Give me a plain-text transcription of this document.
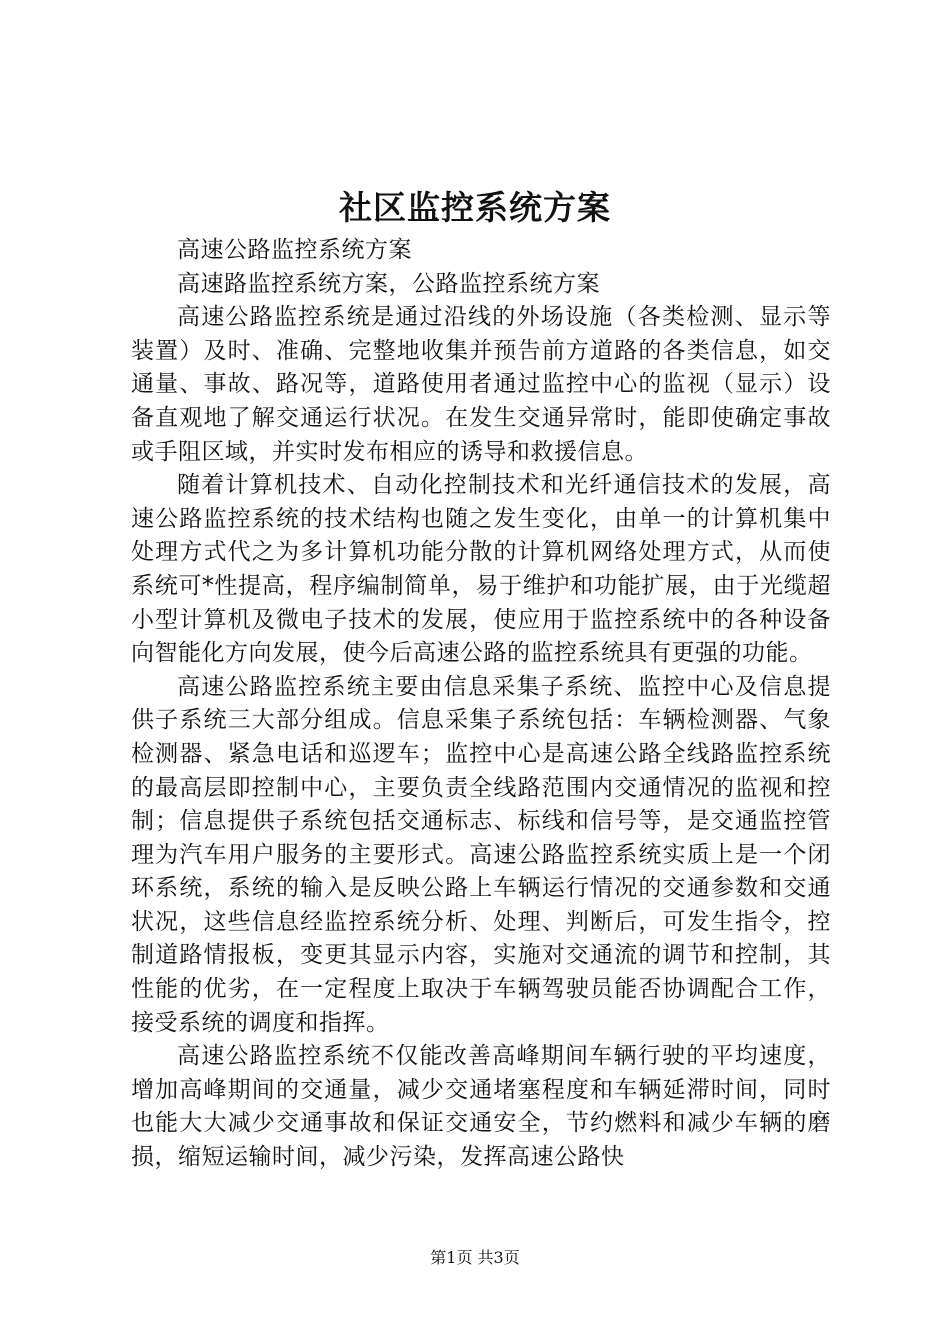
社区监控系统方案

高速公路监控系统方案

高速路监控系统方案，公路监控系统方案

高速公路监控系统是通过沿线的外场设施（各类检测、显示等装置）及时、准确、完整地收集并预告前方道路的各类信息，如交通量、事故、路况等，道路使用者通过监控中心的监视（显示）设备直观地了解交通运行状况。在发生交通异常时，能即使确定事故或手阻区域，并实时发布相应的诱导和救援信息。

随着计算机技术、自动化控制技术和光纤通信技术的发展，高速公路监控系统的技术结构也随之发生变化，由单一的计算机集中处理方式代之为多计算机功能分散的计算机网络处理方式，从而使系统可*性提高，程序编制简单，易于维护和功能扩展，由于光缆超小型计算机及微电子技术的发展，使应用于监控系统中的各种设备向智能化方向发展，使今后高速公路的监控系统具有更强的功能。

高速公路监控系统主要由信息采集子系统、监控中心及信息提供子系统三大部分组成。信息采集子系统包括：车辆检测器、气象检测器、紧急电话和巡逻车；监控中心是高速公路全线路监控系统的最高层即控制中心，主要负责全线路范围内交通情况的监视和控制；信息提供子系统包括交通标志、标线和信号等，是交通监控管理为汽车用户服务的主要形式。高速公路监控系统实质上是一个闭环系统，系统的输入是反映公路上车辆运行情况的交通参数和交通状况，这些信息经监控系统分析、处理、判断后，可发生指令，控制道路情报板，变更其显示内容，实施对交通流的调节和控制，其性能的优劣，在一定程度上取决于车辆驾驶员能否协调配合工作，接受系统的调度和指挥。

高速公路监控系统不仅能改善高峰期间车辆行驶的平均速度，增加高峰期间的交通量，减少交通堵塞程度和车辆延滞时间，同时也能大大减少交通事故和保证交通安全，节约燃料和减少车辆的磨损，缩短运输时间，减少污染，发挥高速公路快

第1页 共3页
